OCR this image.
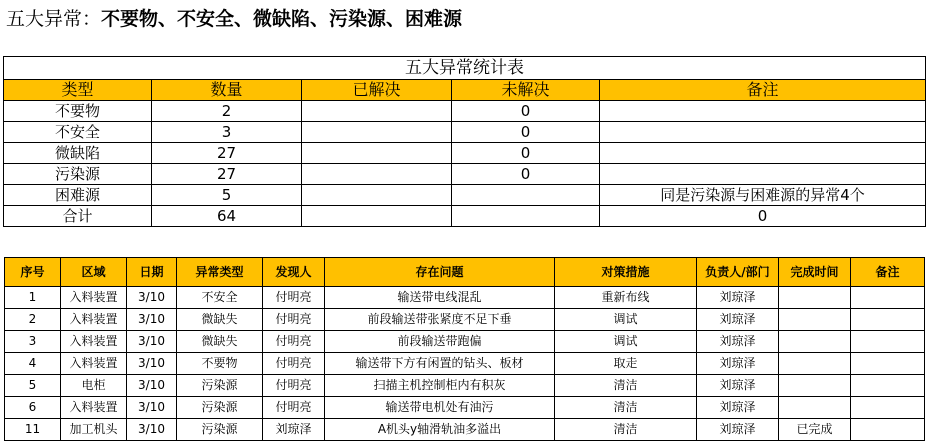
五大异常：不要物、不安全、微缺陷、污染源、困难源
五大异常统计表				
类型	数量	已解决	未解决	备注
不要物	2		0	
不安全	3		0	
微缺陷	27		0	
污染源	27		0	
困难源	5			同是污染源与困难源的异常4个
合计	64			0
序号	区域	日期	异常类型	发现人	存在问题	对策措施	负责人/部门	完成时间	备注
1	入料装置	3/10	不安全	付明亮	输送带电线混乱	重新布线	刘琼泽		
2	入料装置	3/10	微缺失	付明亮	前段输送带张紧度不足下垂	调试	刘琼泽		
3	入料装置	3/10	微缺失	付明亮	前段输送带跑偏	调试	刘琼泽		
4	入料装置	3/10	不要物	付明亮	输送带下方有闲置的钻头、板材	取走	刘琼泽		
5	电柜	3/10	污染源	付明亮	扫描主机控制柜内有积灰	清洁	刘琼泽		
6	入料装置	3/10	污染源	付明亮	输送带电机处有油污	清洁	刘琼泽		
11	加工机头	3/10	污染源	刘琼泽	A机头y轴滑轨油多溢出	清洁	刘琼泽	已完成	
